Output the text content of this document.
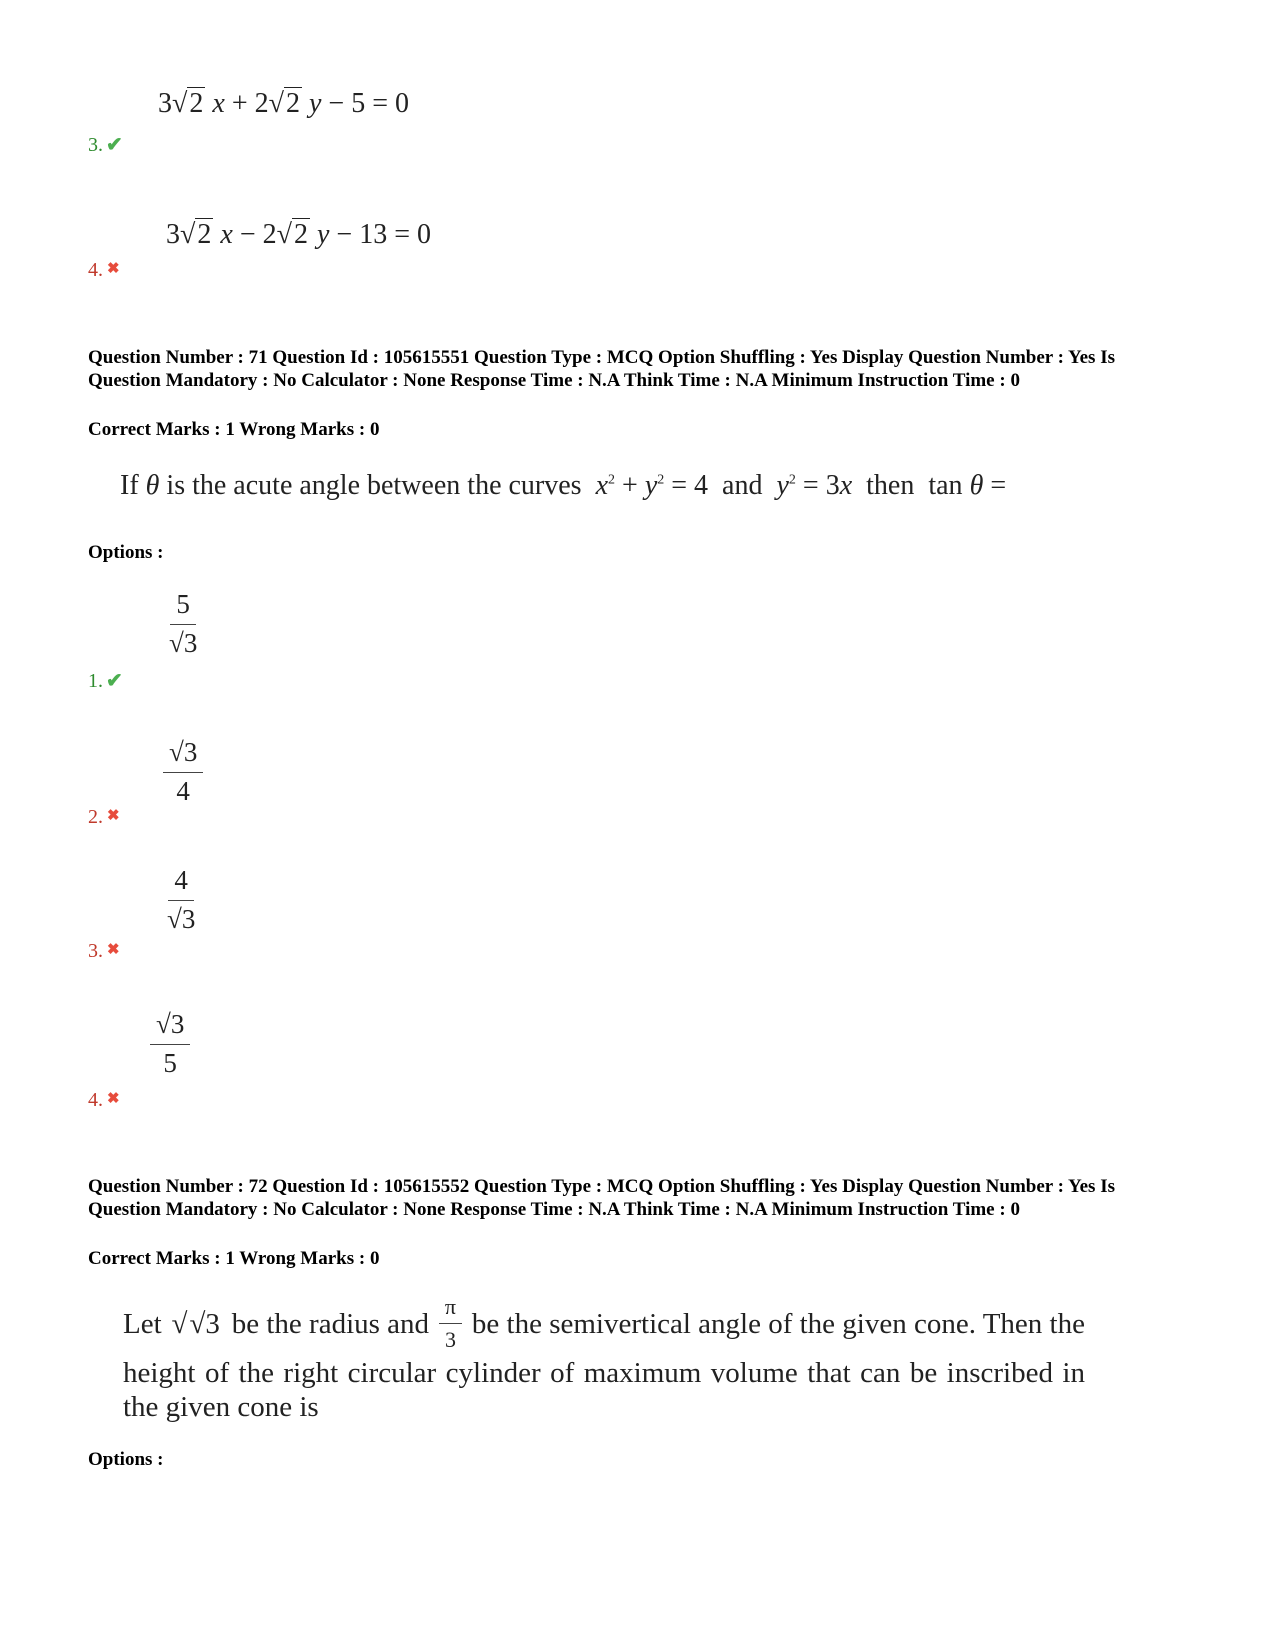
3√2 x + 2√2 y − 5 = 0
3. ✔
3√2 x − 2√2 y − 13 = 0
4. ✖
Question Number : 71 Question Id : 105615551 Question Type : MCQ Option Shuffling : Yes Display Question Number : Yes Is Question Mandatory : No Calculator : None Response Time : N.A Think Time : N.A Minimum Instruction Time : 0
Correct Marks : 1 Wrong Marks : 0
If θ is the acute angle between the curves  $x^2 + y^2 = 4$  and  $y^2 = 3x$  then  tan θ =
Options :
$\frac{5}{√3}$
1. ✔
$\frac{√3}{4}$
2. ✖
$\frac{4}{√3}$
3. ✖
$\frac{√3}{5}$
4. ✖
Question Number : 72 Question Id : 105615552 Question Type : MCQ Option Shuffling : Yes Display Question Number : Yes Is Question Mandatory : No Calculator : None Response Time : N.A Think Time : N.A Minimum Instruction Time : 0
Correct Marks : 1 Wrong Marks : 0
Let √√3 be the radius and $\frac{\pi}{3}$ be the semivertical angle of the given cone. Then the
height of the right circular cylinder of maximum volume that can be inscribed in the given cone is
Options :
